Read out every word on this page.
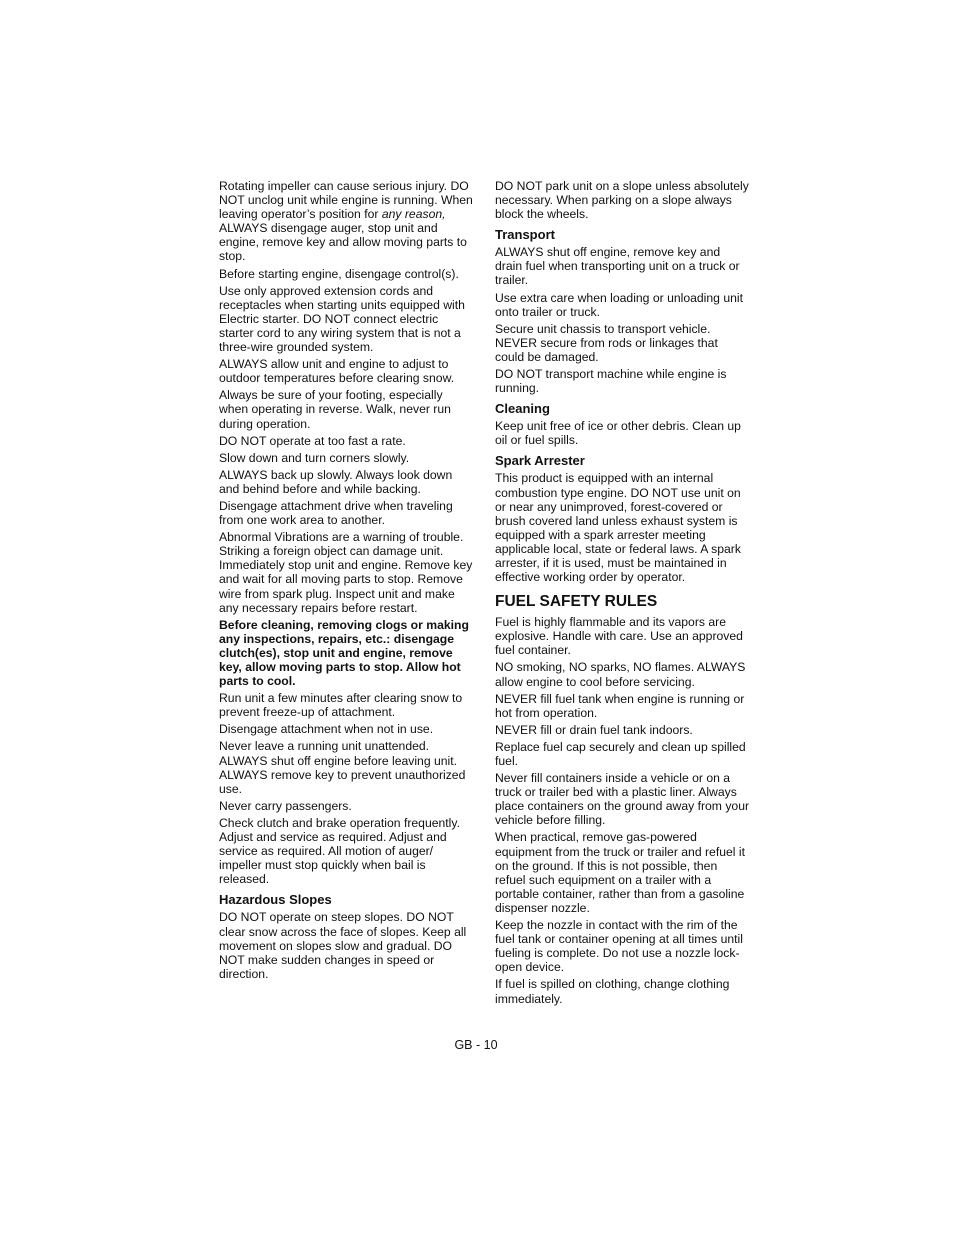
Rotating impeller can cause serious injury. DO NOT unclog unit while engine is running. When leaving operator’s position for any reason, ALWAYS disengage auger, stop unit and engine, remove key and allow moving parts to stop.

Before starting engine, disengage control(s).

Use only approved extension cords and receptacles when starting units equipped with Electric starter. DO NOT connect electric starter cord to any wiring system that is not a three-wire grounded system.

ALWAYS allow unit and engine to adjust to outdoor temperatures before clearing snow.

Always be sure of your footing, especially when operating in reverse. Walk, never run during operation.

DO NOT operate at too fast a rate.

Slow down and turn corners slowly.

ALWAYS back up slowly. Always look down and behind before and while backing.

Disengage attachment drive when traveling from one work area to another.

Abnormal Vibrations are a warning of trouble. Striking a foreign object can damage unit. Immediately stop unit and engine. Remove key and wait for all moving parts to stop. Remove wire from spark plug. Inspect unit and make any necessary repairs before restart.

Before cleaning, removing clogs or making any inspections, repairs, etc.: disengage clutch(es), stop unit and engine, remove key, allow moving parts to stop. Allow hot parts to cool.

Run unit a few minutes after clearing snow to prevent freeze-up of attachment.

Disengage attachment when not in use.

Never leave a running unit unattended. ALWAYS shut off engine before leaving unit. ALWAYS remove key to prevent unauthorized use.

Never carry passengers.

Check clutch and brake operation frequently. Adjust and service as required. Adjust and service as required. All motion of auger/ impeller must stop quickly when bail is released.

Hazardous Slopes

DO NOT operate on steep slopes. DO NOT clear snow across the face of slopes. Keep all movement on slopes slow and gradual. DO NOT make sudden changes in speed or direction.

DO NOT park unit on a slope unless absolutely necessary. When parking on a slope always block the wheels.

Transport

ALWAYS shut off engine, remove key and drain fuel when transporting unit on a truck or trailer.

Use extra care when loading or unloading unit onto trailer or truck.

Secure unit chassis to transport vehicle. NEVER secure from rods or linkages that could be damaged.

DO NOT transport machine while engine is running.

Cleaning

Keep unit free of ice or other debris. Clean up oil or fuel spills.

Spark Arrester

This product is equipped with an internal combustion type engine. DO NOT use unit on or near any unimproved, forest-covered or brush covered land unless exhaust system is equipped with a spark arrester meeting applicable local, state or federal laws. A spark arrester, if it is used, must be maintained in effective working order by operator.

FUEL SAFETY RULES

Fuel is highly flammable and its vapors are explosive. Handle with care. Use an approved fuel container.

NO smoking, NO sparks, NO flames. ALWAYS allow engine to cool before servicing.

NEVER fill fuel tank when engine is running or hot from operation.

NEVER fill or drain fuel tank indoors.

Replace fuel cap securely and clean up spilled fuel.

Never fill containers inside a vehicle or on a truck or trailer bed with a plastic liner. Always place containers on the ground away from your vehicle before filling.

When practical, remove gas-powered equipment from the truck or trailer and refuel it on the ground. If this is not possible, then refuel such equipment on a trailer with a portable container, rather than from a gasoline dispenser nozzle.

Keep the nozzle in contact with the rim of the fuel tank or container opening at all times until fueling is complete. Do not use a nozzle lock-open device.

If fuel is spilled on clothing, change clothing immediately.

GB - 10
